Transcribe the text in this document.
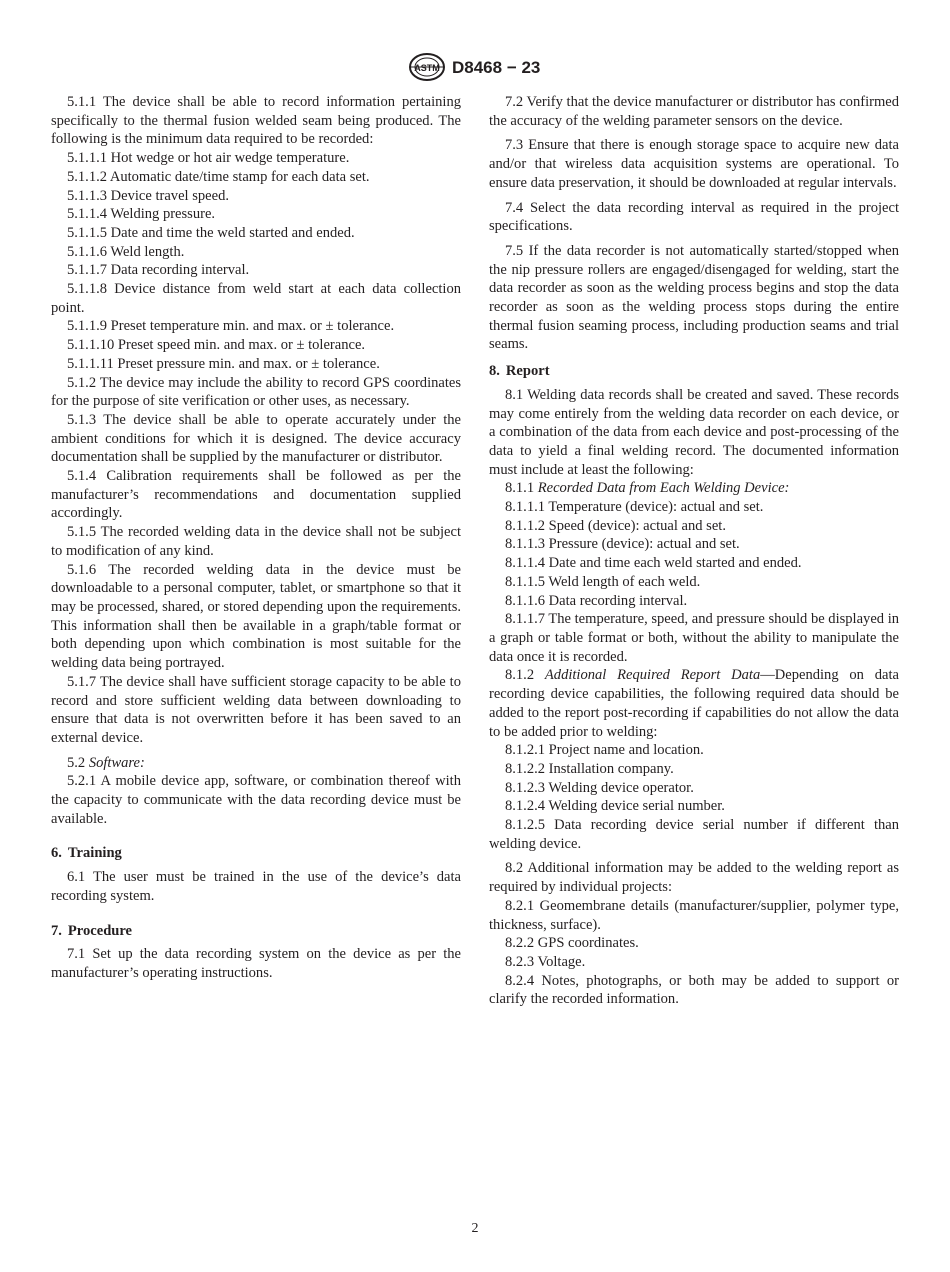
ASTM D8468 − 23

5.1.1 The device shall be able to record information pertaining specifically to the thermal fusion welded seam being produced. The following is the minimum data required to be recorded:

5.1.1.1 Hot wedge or hot air wedge temperature.

5.1.1.2 Automatic date/time stamp for each data set.

5.1.1.3 Device travel speed.

5.1.1.4 Welding pressure.

5.1.1.5 Date and time the weld started and ended.

5.1.1.6 Weld length.

5.1.1.7 Data recording interval.

5.1.1.8 Device distance from weld start at each data collection point.

5.1.1.9 Preset temperature min. and max. or ± tolerance.

5.1.1.10 Preset speed min. and max. or ± tolerance.

5.1.1.11 Preset pressure min. and max. or ± tolerance.

5.1.2 The device may include the ability to record GPS coordinates for the purpose of site verification or other uses, as necessary.

5.1.3 The device shall be able to operate accurately under the ambient conditions for which it is designed. The device accuracy documentation shall be supplied by the manufacturer or distributor.

5.1.4 Calibration requirements shall be followed as per the manufacturer’s recommendations and documentation supplied accordingly.

5.1.5 The recorded welding data in the device shall not be subject to modification of any kind.

5.1.6 The recorded welding data in the device must be downloadable to a personal computer, tablet, or smartphone so that it may be processed, shared, or stored depending upon the requirements. This information shall then be available in a graph/table format or both depending upon which combination is most suitable for the welding data being portrayed.

5.1.7 The device shall have sufficient storage capacity to be able to record and store sufficient welding data between downloading to ensure that data is not overwritten before it has been saved to an external device.

5.2 Software:

5.2.1 A mobile device app, software, or combination thereof with the capacity to communicate with the data recording device must be available.

6. Training

6.1 The user must be trained in the use of the device’s data recording system.

7. Procedure

7.1 Set up the data recording system on the device as per the manufacturer’s operating instructions.

7.2 Verify that the device manufacturer or distributor has confirmed the accuracy of the welding parameter sensors on the device.

7.3 Ensure that there is enough storage space to acquire new data and/or that wireless data acquisition systems are operational. To ensure data preservation, it should be downloaded at regular intervals.

7.4 Select the data recording interval as required in the project specifications.

7.5 If the data recorder is not automatically started/stopped when the nip pressure rollers are engaged/disengaged for welding, start the data recorder as soon as the welding process begins and stop the data recorder as soon as the welding process stops during the entire thermal fusion seaming process, including production seams and trial seams.

8. Report

8.1 Welding data records shall be created and saved. These records may come entirely from the welding data recorder on each device, or a combination of the data from each device and post-processing of the data to yield a final welding record. The documented information must include at least the following:

8.1.1 Recorded Data from Each Welding Device:

8.1.1.1 Temperature (device): actual and set.

8.1.1.2 Speed (device): actual and set.

8.1.1.3 Pressure (device): actual and set.

8.1.1.4 Date and time each weld started and ended.

8.1.1.5 Weld length of each weld.

8.1.1.6 Data recording interval.

8.1.1.7 The temperature, speed, and pressure should be displayed in a graph or table format or both, without the ability to manipulate the data once it is recorded.

8.1.2 Additional Required Report Data—Depending on data recording device capabilities, the following required data should be added to the report post-recording if capabilities do not allow the data to be added prior to welding:

8.1.2.1 Project name and location.

8.1.2.2 Installation company.

8.1.2.3 Welding device operator.

8.1.2.4 Welding device serial number.

8.1.2.5 Data recording device serial number if different than welding device.

8.2 Additional information may be added to the welding report as required by individual projects:

8.2.1 Geomembrane details (manufacturer/supplier, polymer type, thickness, surface).

8.2.2 GPS coordinates.

8.2.3 Voltage.

8.2.4 Notes, photographs, or both may be added to support or clarify the recorded information.

2
